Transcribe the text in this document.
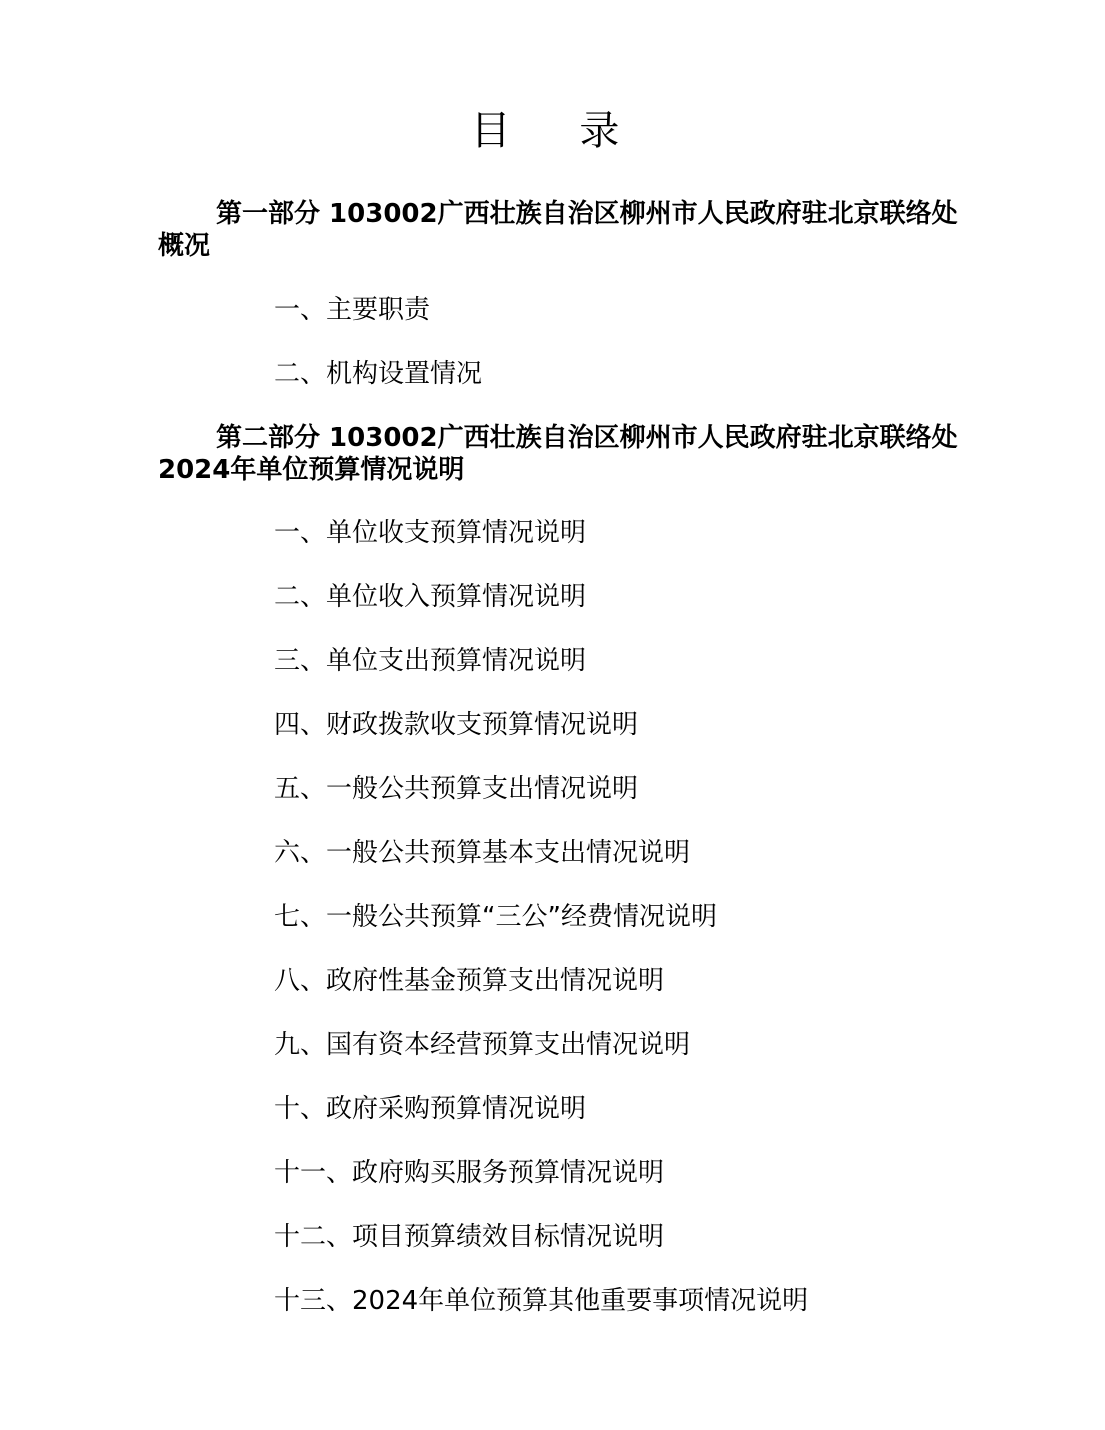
目 录

第一部分 103002广西壮族自治区柳州市人民政府驻北京联络处概况

一、主要职责

二、机构设置情况

第二部分 103002广西壮族自治区柳州市人民政府驻北京联络处2024年单位预算情况说明

一、单位收支预算情况说明

二、单位收入预算情况说明

三、单位支出预算情况说明

四、财政拨款收支预算情况说明

五、一般公共预算支出情况说明

六、一般公共预算基本支出情况说明

七、一般公共预算“三公”经费情况说明

八、政府性基金预算支出情况说明

九、国有资本经营预算支出情况说明

十、政府采购预算情况说明

十一、政府购买服务预算情况说明

十二、项目预算绩效目标情况说明

十三、2024年单位预算其他重要事项情况说明
